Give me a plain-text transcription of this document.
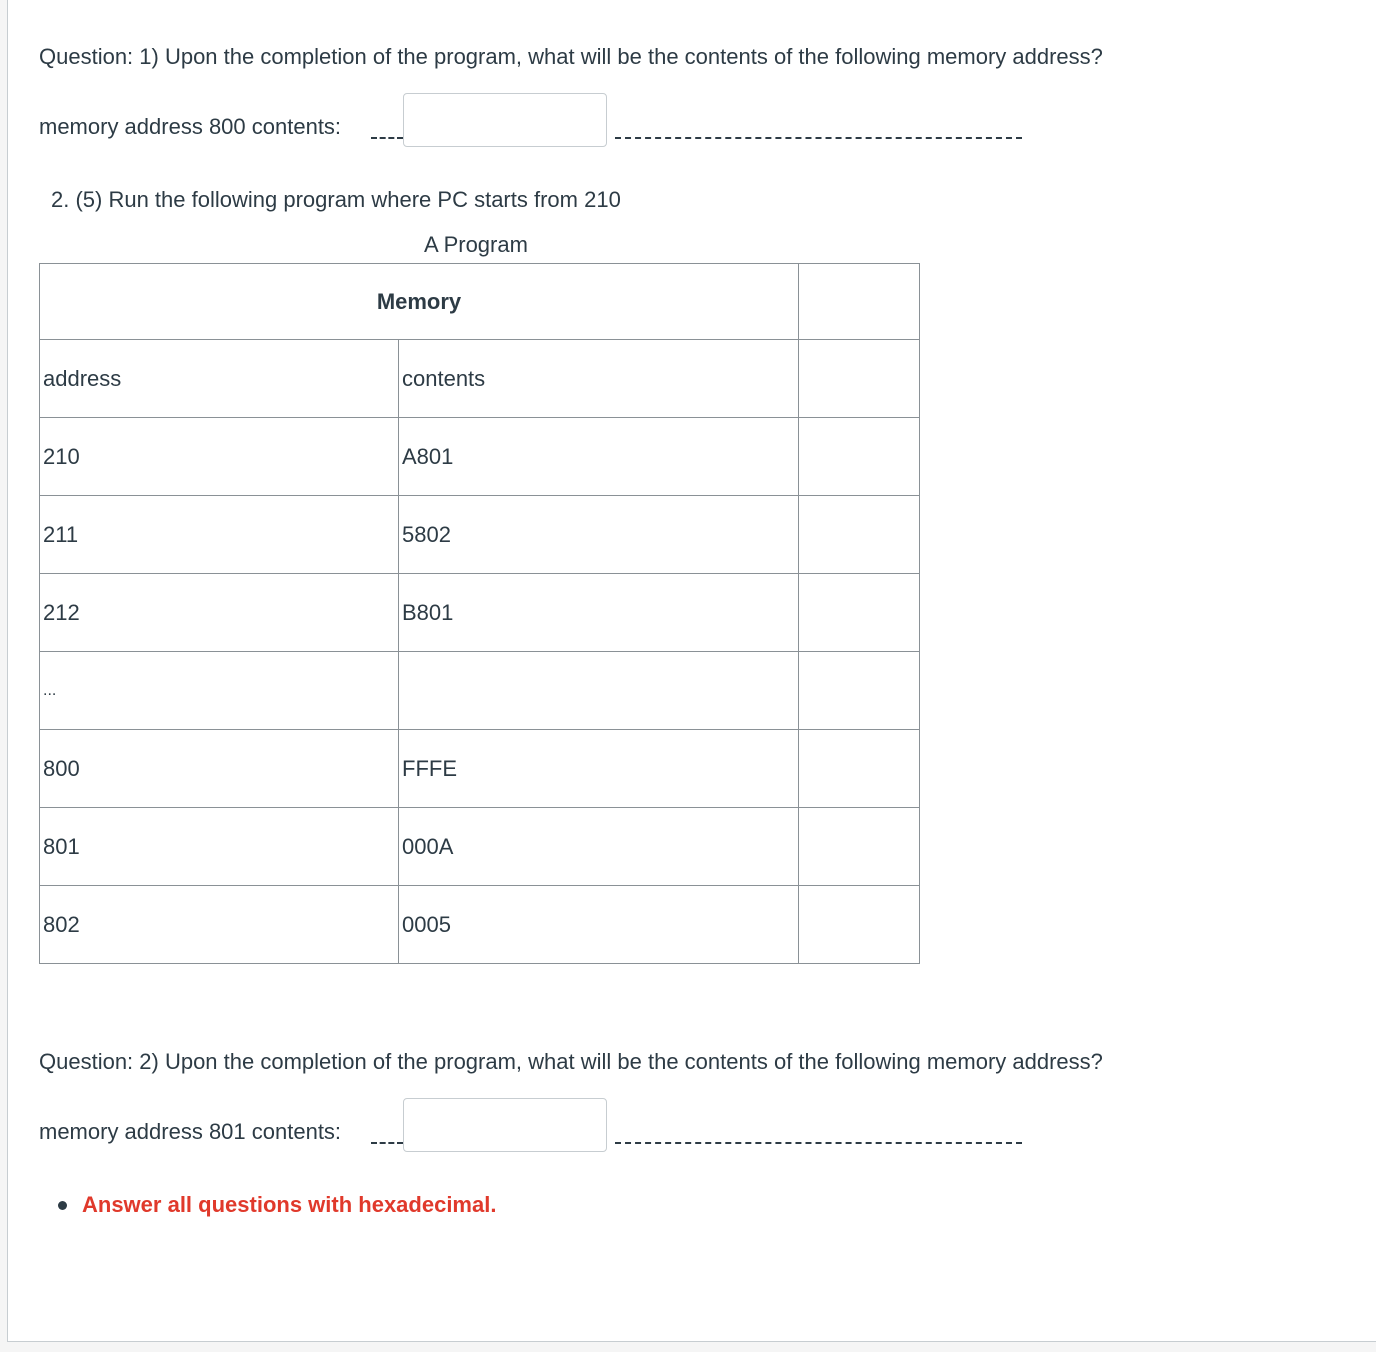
Question: 1) Upon the completion of the program, what will be the contents of the following memory address?
memory address 800 contents:
2. (5) Run the following program where PC starts from 210
A Program
Memory		
address	contents	
210	A801	
211	5802	
212	B801	
...		
800	FFFE	
801	000A	
802	0005	
Question: 2) Upon the completion of the program, what will be the contents of the following memory address?
memory address 801 contents:
Answer all questions with hexadecimal.
